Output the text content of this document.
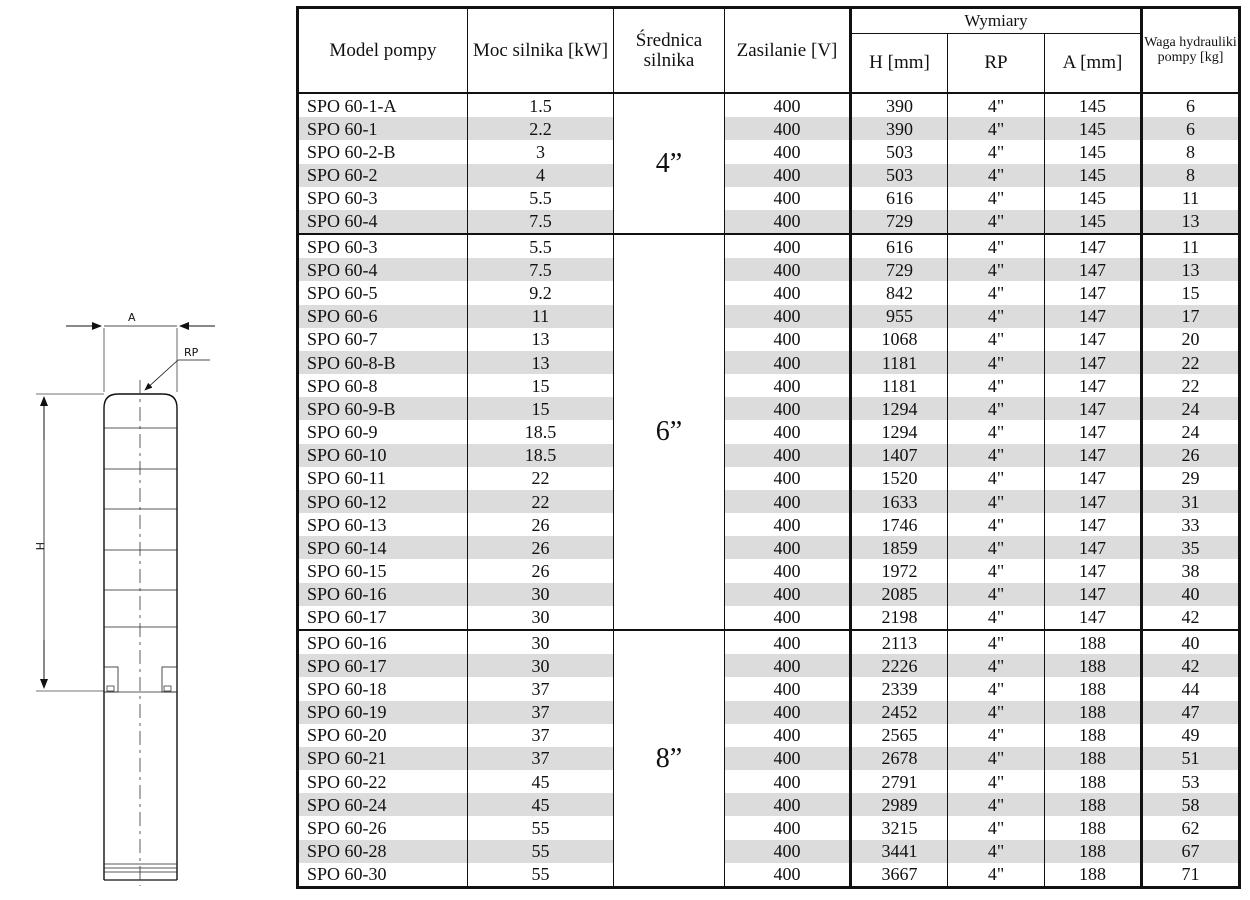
A
RP
H
Model pompy	Moc silnika [kW]	Średnica silnika	Zasilanie [V]	Wymiary			Waga hydrauliki pompy [kg]
				H [mm]	RP	A [mm]	
SPO 60-1-A	1.5	4”	400	390	4"	145	6
SPO 60-1	2.2		400	390	4"	145	6
SPO 60-2-B	3		400	503	4"	145	8
SPO 60-2	4		400	503	4"	145	8
SPO 60-3	5.5		400	616	4"	145	11
SPO 60-4	7.5		400	729	4"	145	13
SPO 60-3	5.5	6”	400	616	4"	147	11
SPO 60-4	7.5		400	729	4"	147	13
SPO 60-5	9.2		400	842	4"	147	15
SPO 60-6	11		400	955	4"	147	17
SPO 60-7	13		400	1068	4"	147	20
SPO 60-8-B	13		400	1181	4"	147	22
SPO 60-8	15		400	1181	4"	147	22
SPO 60-9-B	15		400	1294	4"	147	24
SPO 60-9	18.5		400	1294	4"	147	24
SPO 60-10	18.5		400	1407	4"	147	26
SPO 60-11	22		400	1520	4"	147	29
SPO 60-12	22		400	1633	4"	147	31
SPO 60-13	26		400	1746	4"	147	33
SPO 60-14	26		400	1859	4"	147	35
SPO 60-15	26		400	1972	4"	147	38
SPO 60-16	30		400	2085	4"	147	40
SPO 60-17	30		400	2198	4"	147	42
SPO 60-16	30	8”	400	2113	4"	188	40
SPO 60-17	30		400	2226	4"	188	42
SPO 60-18	37		400	2339	4"	188	44
SPO 60-19	37		400	2452	4"	188	47
SPO 60-20	37		400	2565	4"	188	49
SPO 60-21	37		400	2678	4"	188	51
SPO 60-22	45		400	2791	4"	188	53
SPO 60-24	45		400	2989	4"	188	58
SPO 60-26	55		400	3215	4"	188	62
SPO 60-28	55		400	3441	4"	188	67
SPO 60-30	55		400	3667	4"	188	71
